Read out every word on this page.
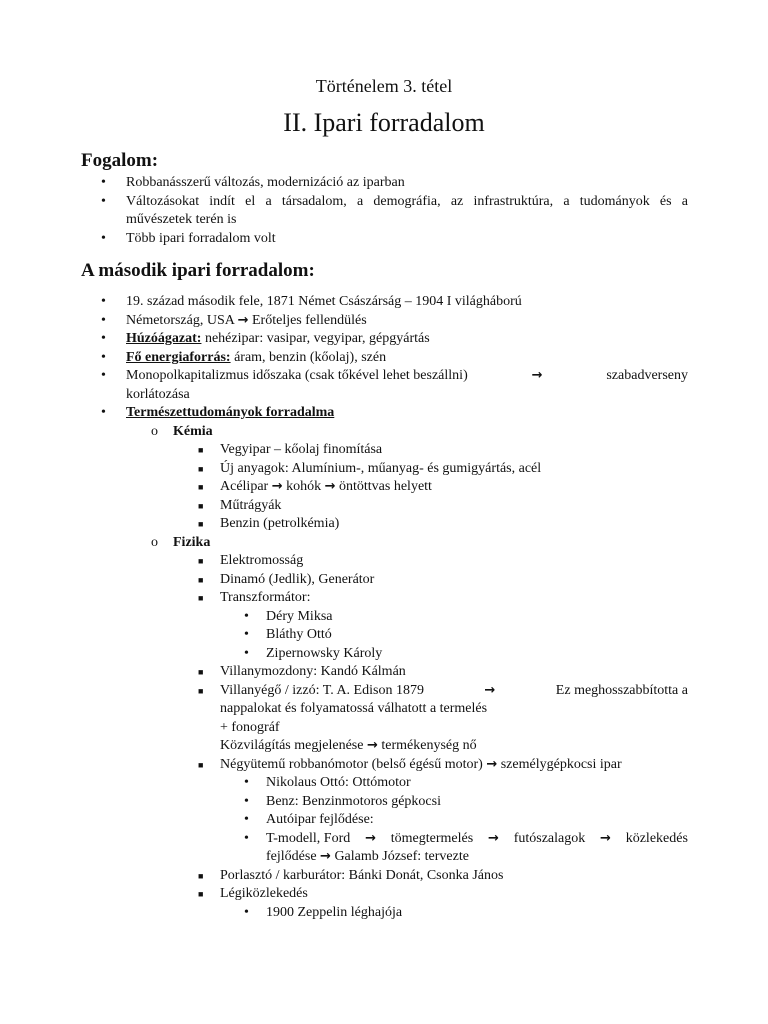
Történelem 3. tétel
II. Ipari forradalom
Fogalom:
• Robbanásszerű változás, modernizáció az iparban
• Változásokat indít el a társadalom, a demográfia, az infrastruktúra, a tudományok és a
művészetek terén is
• Több ipari forradalom volt
A második ipari forradalom:
• 19. század második fele, 1871 Német Császárság – 1904 I világháború
• Németország, USA → Erőteljes fellendülés
• Húzóágazat: nehézipar: vasipar, vegyipar, gépgyártás
• Fő energiaforrás: áram, benzin (kőolaj), szén
• Monopolkapitalizmus időszaka (csak tőkével lehet beszállni)	→	szabadverseny
korlátozása
• Természettudományok forradalma
o Kémia
■ Vegyipar – kőolaj finomítása
■ Új anyagok: Alumínium-, műanyag- és gumigyártás, acél
■ Acélipar → kohók → öntöttvas helyett
■ Műtrágyák
■ Benzin (petrolkémia)
o Fizika
■ Elektromosság
■ Dinamó (Jedlik), Generátor
■ Transzformátor:
• Déry Miksa
• Bláthy Ottó
• Zipernowsky Károly
■ Villanymozdony: Kandó Kálmán
■ Villanyégő / izzó: T. A. Edison 1879	→	Ez meghosszabbította a
nappalokat és folyamatossá válhatott a termelés
+ fonográf
Közvilágítás megjelenése → termékenység nő
■ Négyütemű robbanómotor (belső égésű motor) → személygépkocsi ipar
• Nikolaus Ottó: Ottómotor
• Benz: Benzinmotoros gépkocsi
• Autóipar fejlődése:
• T-modell, Ford → tömegtermelés → futószalagok → közlekedés
fejlődése → Galamb József: tervezte
■ Porlasztó / karburátor: Bánki Donát, Csonka János
■ Légiközlekedés
• 1900 Zeppelin léghajója
